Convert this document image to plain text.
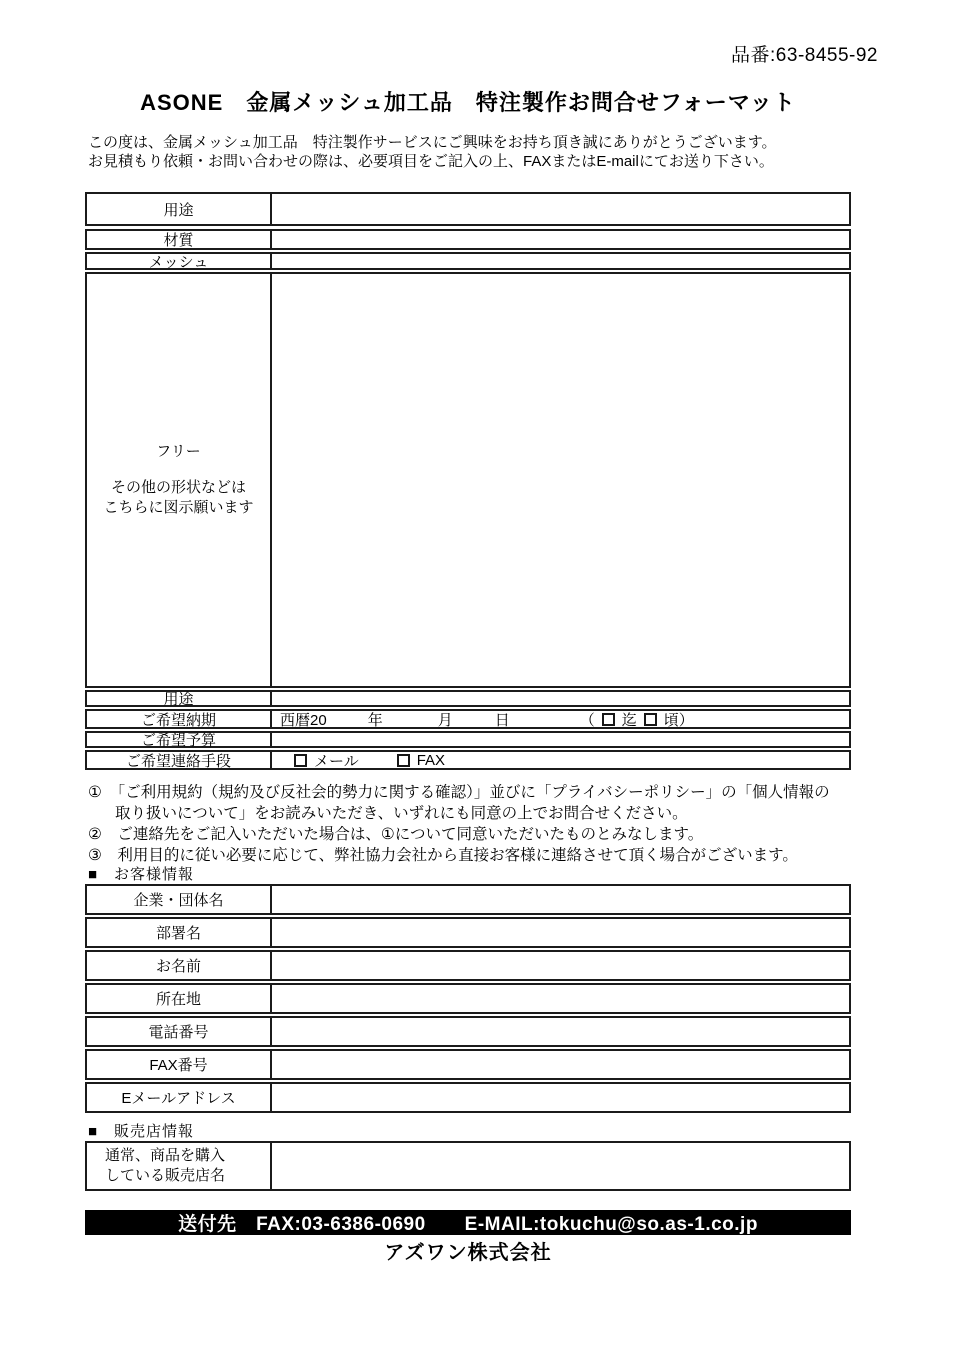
品番:63-8455-92
ASONE　金属メッシュ加工品　特注製作お問合せフォーマット
この度は、金属メッシュ加工品　特注製作サービスにご興味をお持ち頂き誠にありがとうございます。
お見積もり依頼・お問い合わせの際は、必要項目をご記入の上、FAXまたはE-mailにてお送り下さい。
用途
材質
メッシュ
フリー
その他の形状などは
こちらに図示願います
用途
ご希望納期	西暦20	年	月	日	（ 迄 頃）
ご希望予算
ご希望連絡手段	メール	FAX
①　「ご利用規約（規約及び反社会的勢力に関する確認）」並びに「プライバシーポリシー」の「個人情報の
取り扱いについて」をお読みいただき、いずれにも同意の上でお問合せください。
②　ご連絡先をご記入いただいた場合は、①について同意いただいたものとみなします。
③　利用目的に従い必要に応じて、弊社協力会社から直接お客様に連絡させて頂く場合がございます。
■　お客様情報
企業・団体名
部署名
お名前
所在地
電話番号
FAX番号
Eメールアドレス
■　販売店情報
通常、商品を購入
している販売店名
送付先　FAX:03-6386-0690　　E-MAIL:tokuchu@so.as-1.co.jp
アズワン株式会社
